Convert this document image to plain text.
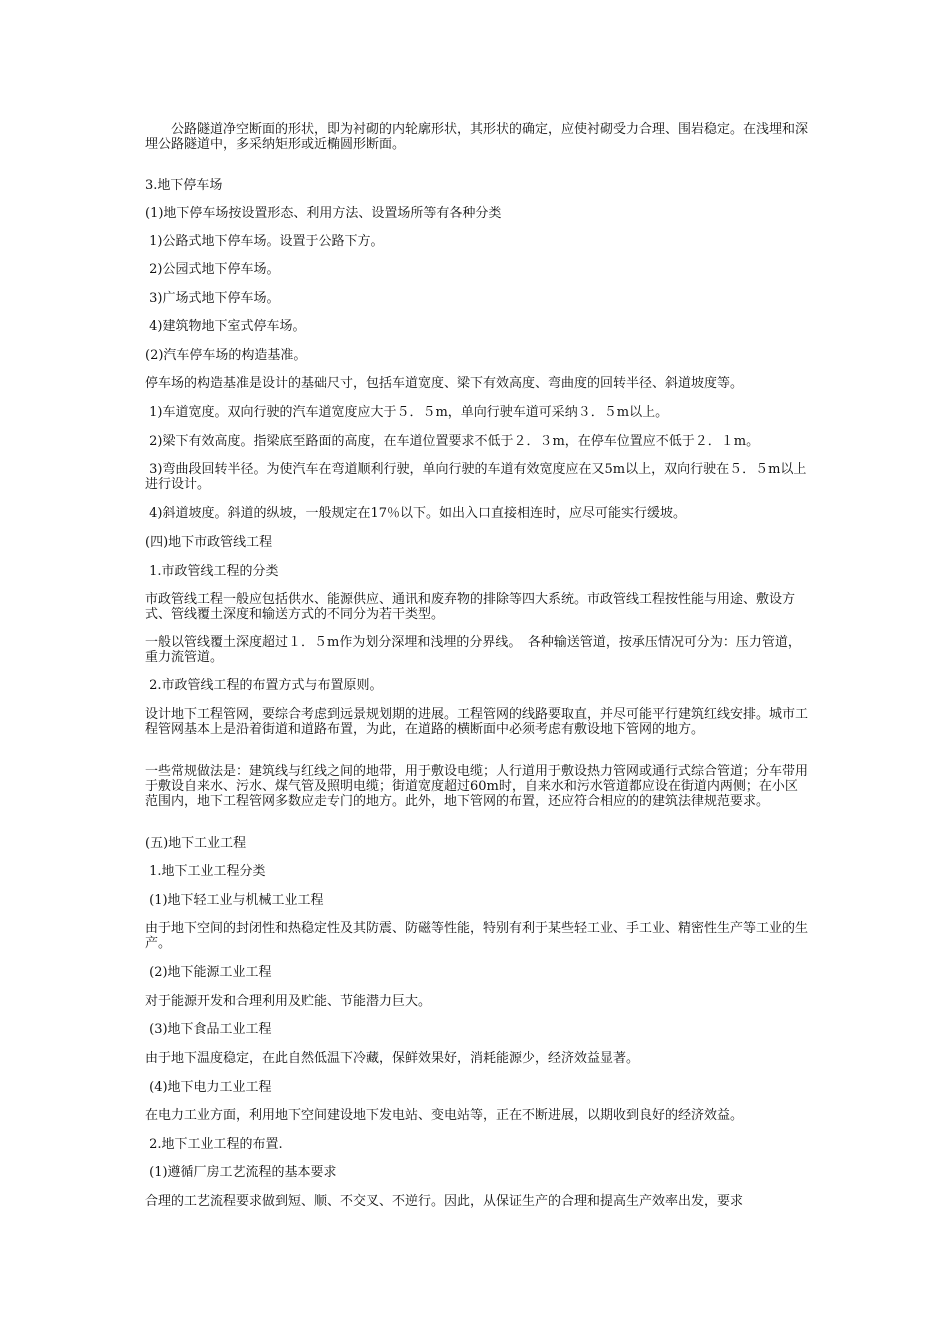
　　公路隧道净空断面的形状，即为衬砌的内轮廓形状，其形状的确定，应使衬砌受力合理、围岩稳定。在浅埋和深埋公路隧道中，多采纳矩形或近椭圆形断面。

3.地下停车场

(1)地下停车场按设置形态、利用方法、设置场所等有各种分类

1)公路式地下停车场。设置于公路下方。

2)公园式地下停车场。

3)广场式地下停车场。

4)建筑物地下室式停车场。

(2)汽车停车场的构造基准。

停车场的构造基准是设计的基础尺寸，包括车道宽度、梁下有效高度、弯曲度的回转半径、斜道坡度等。

1)车道宽度。双向行驶的汽车道宽度应大于５．５m，单向行驶车道可采纳３．５m以上。

2)梁下有效高度。指梁底至路面的高度，在车道位置要求不低于２．３m，在停车位置应不低于２．１m。

3)弯曲段回转半径。为使汽车在弯道顺利行驶，单向行驶的车道有效宽度应在又5m以上，双向行驶在５．５m以上进行设计。

4)斜道坡度。斜道的纵坡，一般规定在17％以下。如出入口直接相连时，应尽可能实行缓坡。

(四)地下市政管线工程

1.市政管线工程的分类

市政管线工程一般应包括供水、能源供应、通讯和废弃物的排除等四大系统。市政管线工程按性能与用途、敷设方式、管线覆土深度和输送方式的不同分为若干类型。

一般以管线覆土深度超过１．５m作为划分深埋和浅埋的分界线。　各种输送管道，按承压情况可分为：压力管道，重力流管道。

2.市政管线工程的布置方式与布置原则。

设计地下工程管网，要综合考虑到远景规划期的进展。工程管网的线路要取直，并尽可能平行建筑红线安排。城市工程管网基本上是沿着街道和道路布置，为此，在道路的横断面中必须考虑有敷设地下管网的地方。

一些常规做法是：建筑线与红线之间的地带，用于敷设电缆；人行道用于敷设热力管网或通行式综合管道；分车带用于敷设自来水、污水、煤气管及照明电缆；街道宽度超过60m时，自来水和污水管道都应设在街道内两侧；在小区范围内，地下工程管网多数应走专门的地方。此外，地下管网的布置，还应符合相应的的建筑法律规范要求。

(五)地下工业工程

1.地下工业工程分类

(1)地下轻工业与机械工业工程

由于地下空间的封闭性和热稳定性及其防震、防磁等性能，特别有利于某些轻工业、手工业、精密性生产等工业的生产。

(2)地下能源工业工程

对于能源开发和合理利用及贮能、节能潜力巨大。

(3)地下食品工业工程

由于地下温度稳定，在此自然低温下冷藏，保鲜效果好，消耗能源少，经济效益显著。

(4)地下电力工业工程

在电力工业方面，利用地下空间建设地下发电站、变电站等，正在不断进展，以期收到良好的经济效益。

2.地下工业工程的布置.

(1)遵循厂房工艺流程的基本要求

合理的工艺流程要求做到短、顺、不交叉、不逆行。因此，从保证生产的合理和提高生产效率出发，要求
